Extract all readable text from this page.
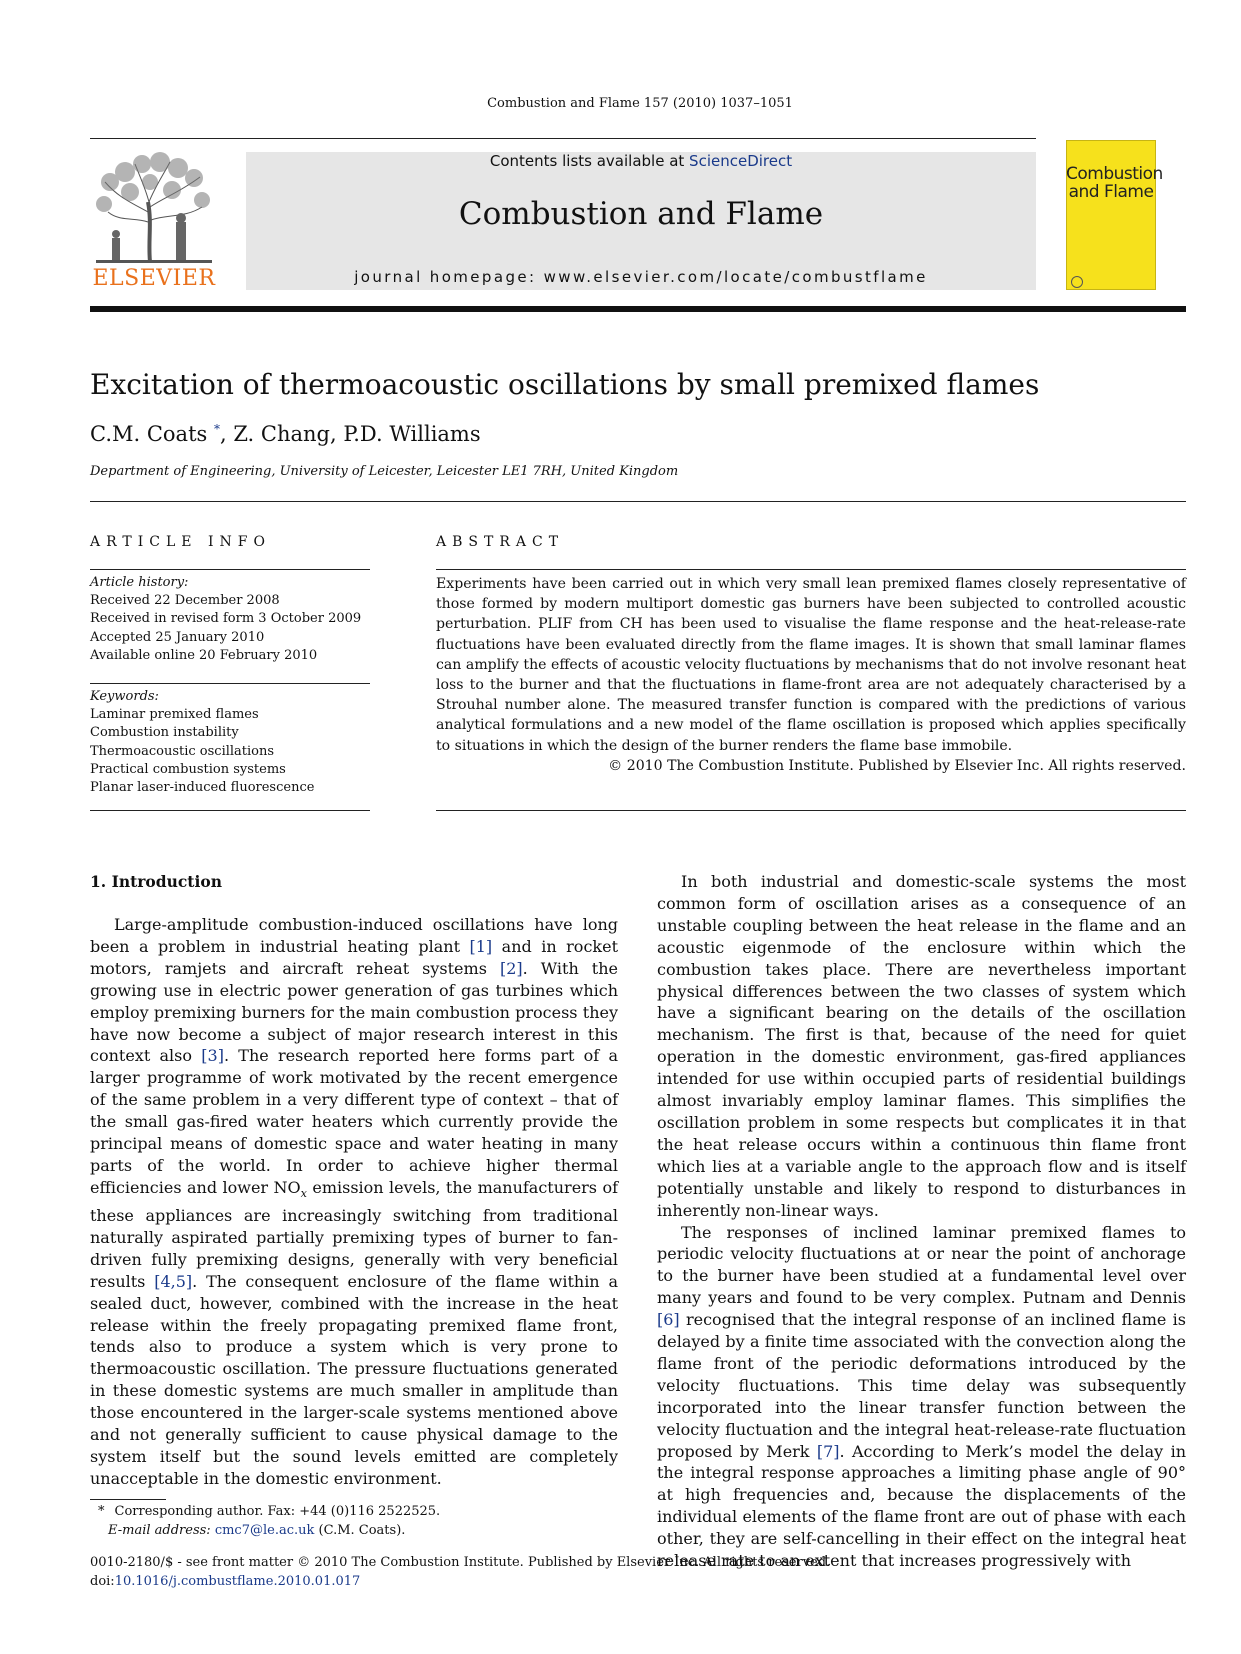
Combustion and Flame 157 (2010) 1037–1051
ELSEVIER
Contents lists available at ScienceDirect
Combustion and Flame
journal homepage: www.elsevier.com/locate/combustflame
Combustion
and Flame
Excitation of thermoacoustic oscillations by small premixed flames
C.M. Coats *, Z. Chang, P.D. Williams
Department of Engineering, University of Leicester, Leicester LE1 7RH, United Kingdom
ARTICLE INFO	ABSTRACT
Article history:
Received 22 December 2008
Received in revised form 3 October 2009
Accepted 25 January 2010
Available online 20 February 2010
Keywords:
Laminar premixed flames
Combustion instability
Thermoacoustic oscillations
Practical combustion systems
Planar laser-induced fluorescence
Experiments have been carried out in which very small lean premixed flames closely representative of those formed by modern multiport domestic gas burners have been subjected to controlled acoustic perturbation. PLIF from CH has been used to visualise the flame response and the heat-release-rate fluctuations have been evaluated directly from the flame images. It is shown that small laminar flames can amplify the effects of acoustic velocity fluctuations by mechanisms that do not involve resonant heat loss to the burner and that the fluctuations in flame-front area are not adequately characterised by a Strouhal number alone. The measured transfer function is compared with the predictions of various analytical formulations and a new model of the flame oscillation is proposed which applies specifically to situations in which the design of the burner renders the flame base immobile.
© 2010 The Combustion Institute. Published by Elsevier Inc. All rights reserved.
1. Introduction

Large-amplitude combustion-induced oscillations have long been a problem in industrial heating plant [1] and in rocket motors, ramjets and aircraft reheat systems [2]. With the growing use in electric power generation of gas turbines which employ premixing burners for the main combustion process they have now become a subject of major research interest in this context also [3]. The research reported here forms part of a larger programme of work motivated by the recent emergence of the same problem in a very different type of context – that of the small gas-fired water heaters which currently provide the principal means of domestic space and water heating in many parts of the world. In order to achieve higher thermal efficiencies and lower $NO_x$ emission levels, the manufacturers of these appliances are increasingly switching from traditional naturally aspirated partially premixing types of burner to fan-driven fully premixing designs, generally with very beneficial results [4,5]. The consequent enclosure of the flame within a sealed duct, however, combined with the increase in the heat release within the freely propagating premixed flame front, tends also to produce a system which is very prone to thermoacoustic oscillation. The pressure fluctuations generated in these domestic systems are much smaller in amplitude than those encountered in the larger-scale systems mentioned above and not generally sufficient to cause physical damage to the system itself but the sound levels emitted are completely unacceptable in the domestic environment.

In both industrial and domestic-scale systems the most common form of oscillation arises as a consequence of an unstable coupling between the heat release in the flame and an acoustic eigenmode of the enclosure within which the combustion takes place. There are nevertheless important physical differences between the two classes of system which have a significant bearing on the details of the oscillation mechanism. The first is that, because of the need for quiet operation in the domestic environment, gas-fired appliances intended for use within occupied parts of residential buildings almost invariably employ laminar flames. This simplifies the oscillation problem in some respects but complicates it in that the heat release occurs within a continuous thin flame front which lies at a variable angle to the approach flow and is itself potentially unstable and likely to respond to disturbances in inherently non-linear ways.

The responses of inclined laminar premixed flames to periodic velocity fluctuations at or near the point of anchorage to the burner have been studied at a fundamental level over many years and found to be very complex. Putnam and Dennis [6] recognised that the integral response of an inclined flame is delayed by a finite time associated with the convection along the flame front of the periodic deformations introduced by the velocity fluctuations. This time delay was subsequently incorporated into the linear transfer function between the velocity fluctuation and the integral heat-release-rate fluctuation proposed by Merk [7]. According to Merk’s model the delay in the integral response approaches a limiting phase angle of 90° at high frequencies and, because the displacements of the individual elements of the flame front are out of phase with each other, they are self-cancelling in their effect on the integral heat release rate to an extent that increases progressively with

* Corresponding author. Fax: +44 (0)116 2522525.
E-mail address: cmc7@le.ac.uk (C.M. Coats).
0010-2180/$ - see front matter © 2010 The Combustion Institute. Published by Elsevier Inc. All rights reserved.
doi:10.1016/j.combustflame.2010.01.017
